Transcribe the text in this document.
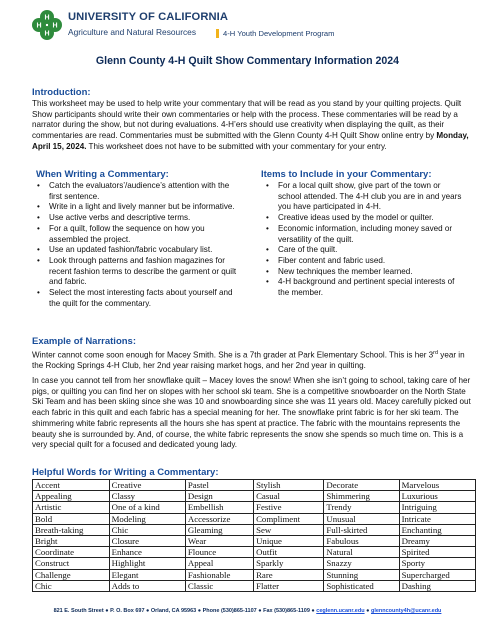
H
H H
H
UNIVERSITY OF CALIFORNIA
Agriculture and Natural Resources	4-H Youth Development Program
Glenn County 4-H Quilt Show Commentary Information 2024
Introduction:
This worksheet may be used to help write your commentary that will be read as you stand by your quilting projects. Quilt Show participants should write their own commentaries or help with the process. These commentaries will be read by a narrator during the show, but not during evaluations. 4-H’ers should use creativity when displaying the quilt, as their commentaries are read. Commentaries must be submitted with the Glenn County 4-H Quilt Show online entry by Monday, April 15, 2024. This worksheet does not have to be submitted with your commentary for your entry.
When Writing a Commentary:
• Catch the evaluators’/audience’s attention with the first sentence.
• Write in a light and lively manner but be informative.
• Use active verbs and descriptive terms.
• For a quilt, follow the sequence on how you assembled the project.
• Use an updated fashion/fabric vocabulary list.
• Look through patterns and fashion magazines for recent fashion terms to describe the garment or quilt and fabric.
• Select the most interesting facts about yourself and the quilt for the commentary.
Items to Include in your Commentary:
• For a local quilt show, give part of the town or school attended. The 4-H club you are in and years you have participated in 4-H.
• Creative ideas used by the model or quilter.
• Economic information, including money saved or versatility of the quilt.
• Care of the quilt.
• Fiber content and fabric used.
• New techniques the member learned.
• 4-H background and pertinent special interests of the member.
Example of Narrations:
Winter cannot come soon enough for Macey Smith. She is a 7th grader at Park Elementary School. This is her 3rd year in the Rocking Springs 4-H Club, her 2nd year raising market hogs, and her 2nd year in quilting.
In case you cannot tell from her snowflake quilt – Macey loves the snow! When she isn’t going to school, taking care of her pigs, or quilting you can find her on slopes with her school ski team. She is a competitive snowboarder on the North State Ski Team and has been skiing since she was 10 and snowboarding since she was 11 years old. Macey carefully picked out each fabric in this quilt and each fabric has a special meaning for her. The snowflake print fabric is for her ski team. The shimmering white fabric represents all the hours she has spent at practice. The fabric with the mountains represents the beauty she is surrounded by. And, of course, the white fabric represents the snow she spends so much time on. This is a very special quilt for a focused and dedicated young lady.
Helpful Words for Writing a Commentary:
Accent	Creative	Pastel	Stylish	Decorate	Marvelous
Appealing	Classy	Design	Casual	Shimmering	Luxurious
Artistic	One of a kind	Embellish	Festive	Trendy	Intriguing
Bold	Modeling	Accessorize	Compliment	Unusual	Intricate
Breath-taking	Chic	Gleaming	Sew	Full-skirted	Enchanting
Bright	Closure	Wear	Unique	Fabulous	Dreamy
Coordinate	Enhance	Flounce	Outfit	Natural	Spirited
Construct	Highlight	Appeal	Sparkly	Snazzy	Sporty
Challenge	Elegant	Fashionable	Rare	Stunning	Supercharged
Chic	Adds to	Classic	Flatter	Sophisticated	Dashing
821 E. South Street ● P. O. Box 697 ● Orland, CA 95963 ● Phone (530)865-1107 ● Fax (530)865-1109 ● ceglenn.ucanr.edu ● glenncounty4h@ucanr.edu
